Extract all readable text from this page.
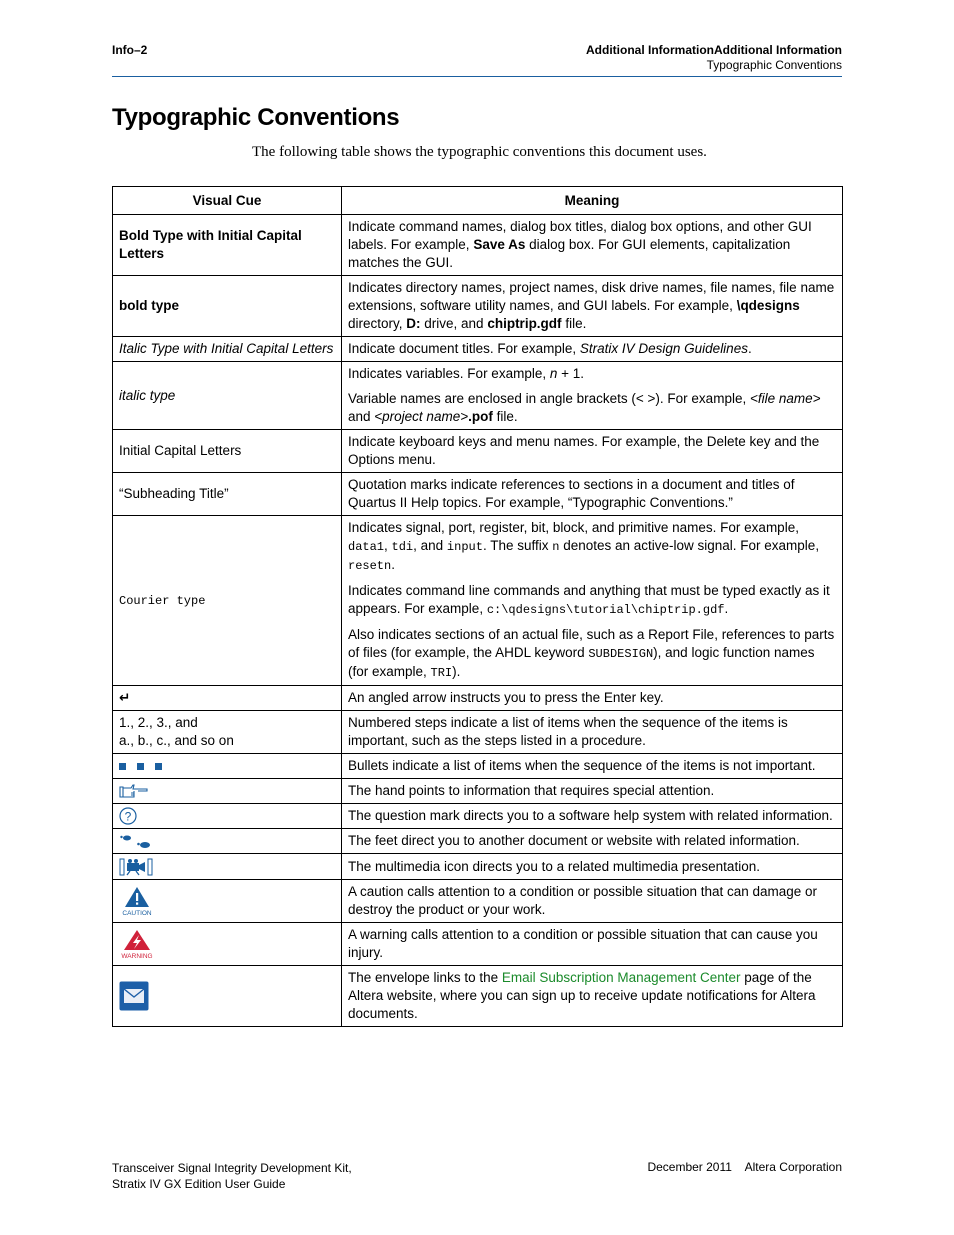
Info–2	Additional InformationAdditional Information
Typographic Conventions
Typographic Conventions
The following table shows the typographic conventions this document uses.
Visual Cue	Meaning
Bold Type with Initial Capital Letters	Indicate command names, dialog box titles, dialog box options, and other GUI labels. For example, Save As dialog box. For GUI elements, capitalization matches the GUI.
bold type	Indicates directory names, project names, disk drive names, file names, file name extensions, software utility names, and GUI labels. For example, \qdesigns directory, D: drive, and chiptrip.gdf file.
Italic Type with Initial Capital Letters	Indicate document titles. For example, Stratix IV Design Guidelines.
italic type	Indicates variables. For example, n + 1.

Variable names are enclosed in angle brackets (< >). For example, <file name> and <project name>.pof file.

Initial Capital Letters	Indicate keyboard keys and menu names. For example, the Delete key and the Options menu.
“Subheading Title”	Quotation marks indicate references to sections in a document and titles of Quartus II Help topics. For example, “Typographic Conventions.”
Courier type	Indicates signal, port, register, bit, block, and primitive names. For example, data1, tdi, and input. The suffix n denotes an active-low signal. For example, resetn.

Indicates command line commands and anything that must be typed exactly as it appears. For example, c:\qdesigns\tutorial\chiptrip.gdf.

Also indicates sections of an actual file, such as a Report File, references to parts of files (for example, the AHDL keyword SUBDESIGN), and logic function names (for example, TRI).

↵	An angled arrow instructs you to press the Enter key.

1., 2., 3., and
a., b., c., and so on	Numbered steps indicate a list of items when the sequence of the items is important, such as the steps listed in a procedure.
	Bullets indicate a list of items when the sequence of the items is not important.
	The hand points to information that requires special attention.

?	The question mark directs you to a software help system with related information.
	The feet direct you to another document or website with related information.
	The multimedia icon directs you to a related multimedia presentation.

CAUTION	A caution calls attention to a condition or possible situation that can damage or destroy the product or your work.

WARNING	A warning calls attention to a condition or possible situation that can cause you injury.
	The envelope links to the Email Subscription Management Center page of the Altera website, where you can sign up to receive update notifications for Altera documents.
Transceiver Signal Integrity Development Kit,
Stratix IV GX Edition User Guide
December 2011    Altera Corporation
